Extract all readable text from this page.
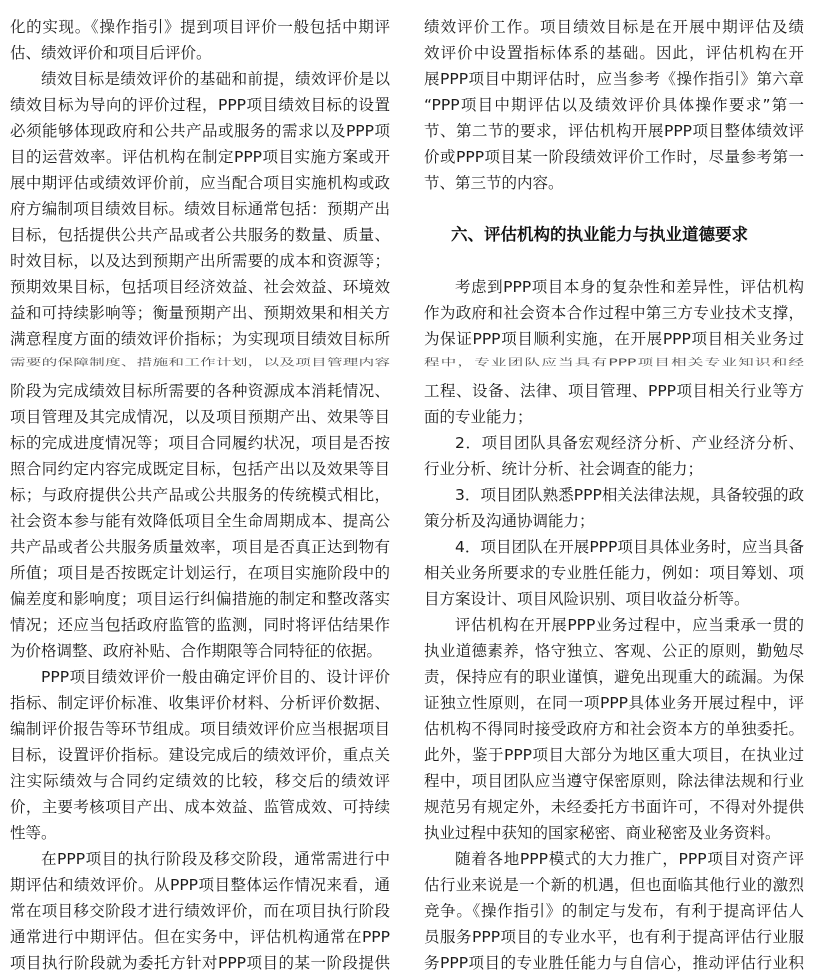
化的实现。《操作指引》提到项目评价一般包括中期评
估、绩效评价和项目后评价。
绩效目标是绩效评价的基础和前提，绩效评价是以
绩效目标为导向的评价过程，PPP项目绩效目标的设置
必须能够体现政府和公共产品或服务的需求以及PPP项
目的运营效率。评估机构在制定PPP项目实施方案或开
展中期评估或绩效评价前，应当配合项目实施机构或政
府方编制项目绩效目标。绩效目标通常包括：预期产出
目标，包括提供公共产品或者公共服务的数量、质量、
时效目标，以及达到预期产出所需要的成本和资源等；
预期效果目标，包括项目经济效益、社会效益、环境效
益和可持续影响等；衡量预期产出、预期效果和相关方
满意程度方面的绩效评价指标；为实现项目绩效目标所
需要的保障制度、措施和工作计划，以及项目管理内容
阶段为完成绩效目标所需要的各种资源成本消耗情况、
项目管理及其完成情况，以及项目预期产出、效果等目
标的完成进度情况等；项目合同履约状况，项目是否按
照合同约定内容完成既定目标，包括产出以及效果等目
标；与政府提供公共产品或公共服务的传统模式相比，
社会资本参与能有效降低项目全生命周期成本、提高公
共产品或者公共服务质量效率，项目是否真正达到物有
所值；项目是否按既定计划运行，在项目实施阶段中的
偏差度和影响度；项目运行纠偏措施的制定和整改落实
情况；还应当包括政府监管的监测，同时将评估结果作
为价格调整、政府补贴、合作期限等合同特征的依据。
PPP项目绩效评价一般由确定评价目的、设计评价
指标、制定评价标准、收集评价材料、分析评价数据、
编制评价报告等环节组成。项目绩效评价应当根据项目
目标，设置评价指标。建设完成后的绩效评价，重点关
注实际绩效与合同约定绩效的比较，移交后的绩效评
价，主要考核项目产出、成本效益、监管成效、可持续
性等。
在PPP项目的执行阶段及移交阶段，通常需进行中
期评估和绩效评价。从PPP项目整体运作情况来看，通
常在项目移交阶段才进行绩效评价，而在项目执行阶段
通常进行中期评估。但在实务中，评估机构通常在PPP
项目执行阶段就为委托方针对PPP项目的某一阶段提供
绩效评价工作。项目绩效目标是在开展中期评估及绩
效评价中设置指标体系的基础。因此，评估机构在开
展PPP项目中期评估时，应当参考《操作指引》第六章
“PPP项目中期评估以及绩效评价具体操作要求”第一
节、第二节的要求，评估机构开展PPP项目整体绩效评
价或PPP项目某一阶段绩效评价工作时，尽量参考第一
节、第三节的内容。
六、评估机构的执业能力与执业道德要求
考虑到PPP项目本身的复杂性和差异性，评估机构
作为政府和社会资本合作过程中第三方专业技术支撑，
为保证PPP项目顺利实施，在开展PPP项目相关业务过
程中，专业团队应当具有PPP项目相关专业知识和经
工程、设备、法律、项目管理、PPP项目相关行业等方
面的专业能力；
2．项目团队具备宏观经济分析、产业经济分析、
行业分析、统计分析、社会调查的能力；
3．项目团队熟悉PPP相关法律法规，具备较强的政
策分析及沟通协调能力；
4．项目团队在开展PPP项目具体业务时，应当具备
相关业务所要求的专业胜任能力，例如：项目筹划、项
目方案设计、项目风险识别、项目收益分析等。
评估机构在开展PPP业务过程中，应当秉承一贯的
执业道德素养，恪守独立、客观、公正的原则，勤勉尽
责，保持应有的职业谨慎，避免出现重大的疏漏。为保
证独立性原则，在同一项PPP具体业务开展过程中，评
估机构不得同时接受政府方和社会资本方的单独委托。
此外，鉴于PPP项目大部分为地区重大项目，在执业过
程中，项目团队应当遵守保密原则，除法律法规和行业
规范另有规定外，未经委托方书面许可，不得对外提供
执业过程中获知的国家秘密、商业秘密及业务资料。
随着各地PPP模式的大力推广，PPP项目对资产评
估行业来说是一个新的机遇，但也面临其他行业的激烈
竞争。《操作指引》的制定与发布，有利于提高评估人
员服务PPP项目的专业水平，也有利于提高评估行业服
务PPP项目的专业胜任能力与自信心，推动评估行业积
